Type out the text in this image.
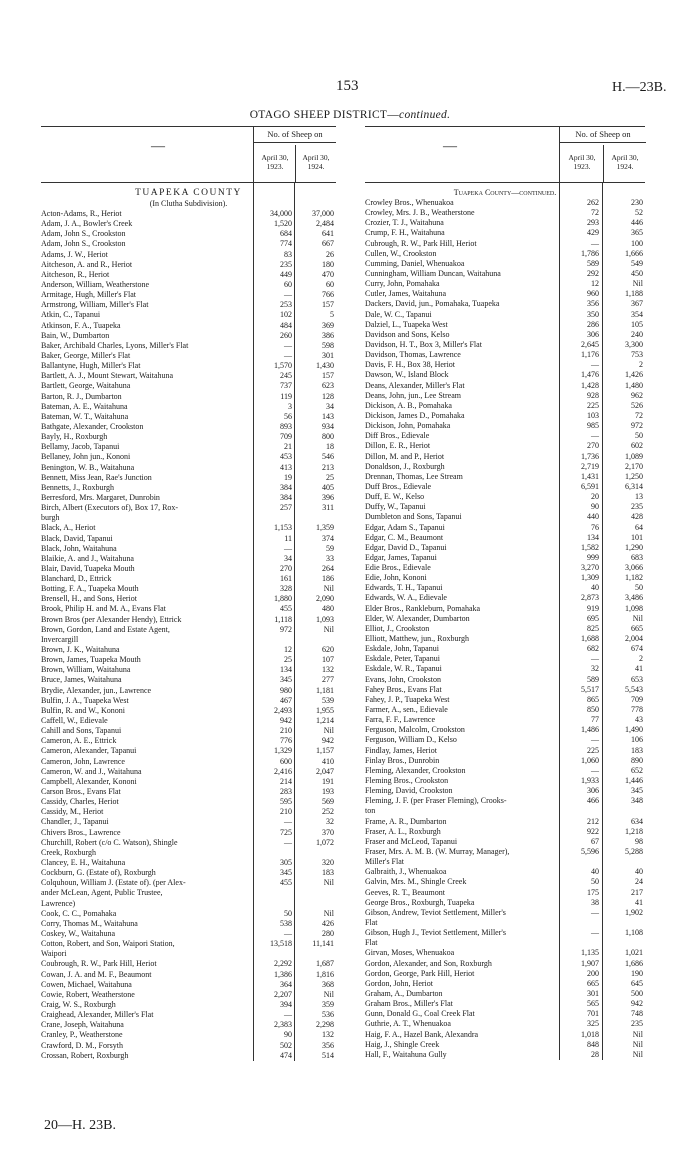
153	H.—23B.
OTAGO SHEEP DISTRICT—continued.
—
No. of Sheep on
April 30, 1923.
April 30, 1924.
TUAPEKA COUNTY
(In Clutha Subdivision).
Acton-Adams, R., Heriot	34,000	37,000
Adam, J. A., Bowler's Creek	1,520	2,484
Adam, John S., Crookston	684	641
Adam, John S., Crookston	774	667
Adams, J. W., Heriot	83	26
Aitcheson, A. and R., Heriot	235	180
Aitcheson, R., Heriot	449	470
Anderson, William, Weatherstone	60	60
Armitage, Hugh, Miller's Flat	—	766
Armstrong, William, Miller's Flat	253	157
Atkin, C., Tapanui	102	5
Atkinson, F. A., Tuapeka	484	369
Bain, W., Dumbarton	260	386
Baker, Archibald Charles, Lyons, Miller's Flat	—	598
Baker, George, Miller's Flat	—	301
Ballantyne, Hugh, Miller's Flat	1,570	1,430
Bartlett, A. J., Mount Stewart, Waitahuna	245	157
Bartlett, George, Waitahuna	737	623
Barton, R. J., Dumbarton	119	128
Bateman, A. E., Waitahuna	3	34
Bateman, W. T., Waitahuna	56	143
Bathgate, Alexander, Crookston	893	934
Bayly, H., Roxburgh	709	800
Bellamy, Jacob, Tapanui	21	18
Bellaney, John jun., Kononi	453	546
Benington, W. B., Waitahuna	413	213
Bennett, Miss Jean, Rae's Junction	19	25
Bennetts, J., Roxburgh	384	405
Berresford, Mrs. Margaret, Dunrobin	384	396
Birch, Albert (Executors of), Box 17, Rox-	257	311
burgh
Black, A., Heriot	1,153	1,359
Black, David, Tapanui	11	374
Black, John, Waitahuna	—	59
Blaikie, A. and J., Waitahuna	34	33
Blair, David, Tuapeka Mouth	270	264
Blanchard, D., Ettrick	161	186
Botting, F. A., Tuapeka Mouth	328	Nil
Brensell, H., and Sons, Heriot	1,880	2,090
Brook, Philip H. and M. A., Evans Flat	455	480
Brown Bros (per Alexander Hendy), Ettrick	1,118	1,093
Brown, Gordon, Land and Estate Agent,	972	Nil
Invercargill
Brown, J. K., Waitahuna	12	620
Brown, James, Tuapeka Mouth	25	107
Brown, William, Waitahuna	134	132
Bruce, James, Waitahuna	345	277
Brydie, Alexander, jun., Lawrence	980	1,181
Bulfin, J. A., Tuapeka West	467	539
Bulfin, R. and W., Kononi	2,493	1,955
Caffell, W., Edievale	942	1,214
Cahill and Sons, Tapanui	210	Nil
Cameron, A. E., Ettrick	776	942
Cameron, Alexander, Tapanui	1,329	1,157
Cameron, John, Lawrence	600	410
Cameron, W. and J., Waitahuna	2,416	2,047
Campbell, Alexander, Kononi	214	191
Carson Bros., Evans Flat	283	193
Cassidy, Charles, Heriot	595	569
Cassidy, M., Heriot	210	252
Chandler, J., Tapanui	—	32
Chivers Bros., Lawrence	725	370
Churchill, Robert (c/o C. Watson), Shingle	—	1,072
Creek, Roxburgh
Clancey, E. H., Waitahuna	305	320
Cockburn, G. (Estate of), Roxburgh	345	183
Colquhoun, William J. (Estate of). (per Alex-	455	Nil
ander McLean, Agent, Public Trustee,
Lawrence)
Cook, C. C., Pomahaka	50	Nil
Corry, Thomas M., Waitahuna	538	426
Coskey, W., Waitahuna	—	280
Cotton, Robert, and Son, Waipori Station,	13,518	11,141
Waipori
Coubrough, R. W., Park Hill, Heriot	2,292	1,687
Cowan, J. A. and M. F., Beaumont	1,386	1,816
Cowen, Michael, Waitahuna	364	368
Cowie, Robert, Weatherstone	2,207	Nil
Craig, W. S., Roxburgh	394	359
Craighead, Alexander, Miller's Flat	—	536
Crane, Joseph, Waitahuna	2,383	2,298
Cranley, P., Weatherstone	90	132
Crawford, D. M., Forsyth	502	356
Crossan, Robert, Roxburgh	474	514
—
No. of Sheep on
April 30, 1923.
April 30, 1924.
Tuapeka County—continued.
Crowley Bros., Whenuakoa	262	230
Crowley, Mrs. J. B., Weatherstone	72	52
Crozier, T. J., Waitahuna	293	446
Crump, F. H., Waitahuna	429	365
Cubrough, R. W., Park Hill, Heriot	—	100
Cullen, W., Crookston	1,786	1,666
Cumming, Daniel, Whenuakoa	589	549
Cunningham, William Duncan, Waitahuna	292	450
Curry, John, Pomahaka	12	Nil
Cutler, James, Waitahuna	960	1,188
Dackers, David, jun., Pomahaka, Tuapeka	356	367
Dale, W. C., Tapanui	350	354
Dalziel, L., Tuapeka West	286	105
Davidson and Sons, Kelso	306	240
Davidson, H. T., Box 3, Miller's Flat	2,645	3,300
Davidson, Thomas, Lawrence	1,176	753
Davis, F. H., Box 38, Heriot	—	2
Dawson, W., Island Block	1,476	1,426
Deans, Alexander, Miller's Flat	1,428	1,480
Deans, John, jun., Lee Stream	928	962
Dickison, A. B., Pomahaka	225	526
Dickison, James D., Pomahaka	103	72
Dickison, John, Pomahaka	985	972
Diff Bros., Edievale	—	50
Dillon, E. R., Heriot	270	602
Dillon, M. and P., Heriot	1,736	1,089
Donaldson, J., Roxburgh	2,719	2,170
Drennan, Thomas, Lee Stream	1,431	1,250
Duff Bros., Edievale	6,591	6,314
Duff, E. W., Kelso	20	13
Duffy, W., Tapanui	90	235
Dumbleton and Sons, Tapanui	440	428
Edgar, Adam S., Tapanui	76	64
Edgar, C. M., Beaumont	134	101
Edgar, David D., Tapanui	1,582	1,290
Edgar, James, Tapanui	999	683
Edie Bros., Edievale	3,270	3,066
Edie, John, Kononi	1,309	1,182
Edwards, T. H., Tapanui	40	50
Edwards, W. A., Edievale	2,873	3,486
Elder Bros., Rankleburn, Pomahaka	919	1,098
Elder, W. Alexander, Dumbarton	695	Nil
Elliot, J., Crookston	825	665
Elliott, Matthew, jun., Roxburgh	1,688	2,004
Eskdale, John, Tapanui	682	674
Eskdale, Peter, Tapanui	—	2
Eskdale, W. R., Tapanui	32	41
Evans, John, Crookston	589	653
Fahey Bros., Evans Flat	5,517	5,543
Fahey, J. P., Tuapeka West	865	709
Farmer, A., sen., Edievale	850	778
Farra, F. F., Lawrence	77	43
Ferguson, Malcolm, Crookston	1,486	1,490
Ferguson, William D., Kelso	—	106
Findlay, James, Heriot	225	183
Finlay Bros., Dunrobin	1,060	890
Fleming, Alexander, Crookston	—	652
Fleming Bros., Crookston	1,933	1,446
Fleming, David, Crookston	306	345
Fleming, J. F. (per Fraser Fleming), Crooks-	466	348
ton
Frame, A. R., Dumbarton	212	634
Fraser, A. L., Roxburgh	922	1,218
Fraser and McLeod, Tapanui	67	98
Fraser, Mrs. A. M. B. (W. Murray, Manager),	5,596	5,288
Miller's Flat
Galbraith, J., Whenuakoa	40	40
Galvin, Mrs. M., Shingle Creek	50	24
Geeves, R. T., Beaumont	175	217
George Bros., Roxburgh, Tuapeka	38	41
Gibson, Andrew, Teviot Settlement, Miller's	—	1,902
Flat
Gibson, Hugh J., Teviot Settlement, Miller's	—	1,108
Flat
Girvan, Moses, Whenuakoa	1,135	1,021
Gordon, Alexander, and Son, Roxburgh	1,907	1,686
Gordon, George, Park Hill, Heriot	200	190
Gordon, John, Heriot	665	645
Graham, A., Dumbarton	301	500
Graham Bros., Miller's Flat	565	942
Gunn, Donald G., Coal Creek Flat	701	748
Guthrie, A. T., Whenuakoa	325	235
Haig, F. A., Hazel Bank, Alexandra	1,018	Nil
Haig, J., Shingle Creek	848	Nil
Hall, F., Waitahuna Gully	28	Nil
20—H. 23B.
